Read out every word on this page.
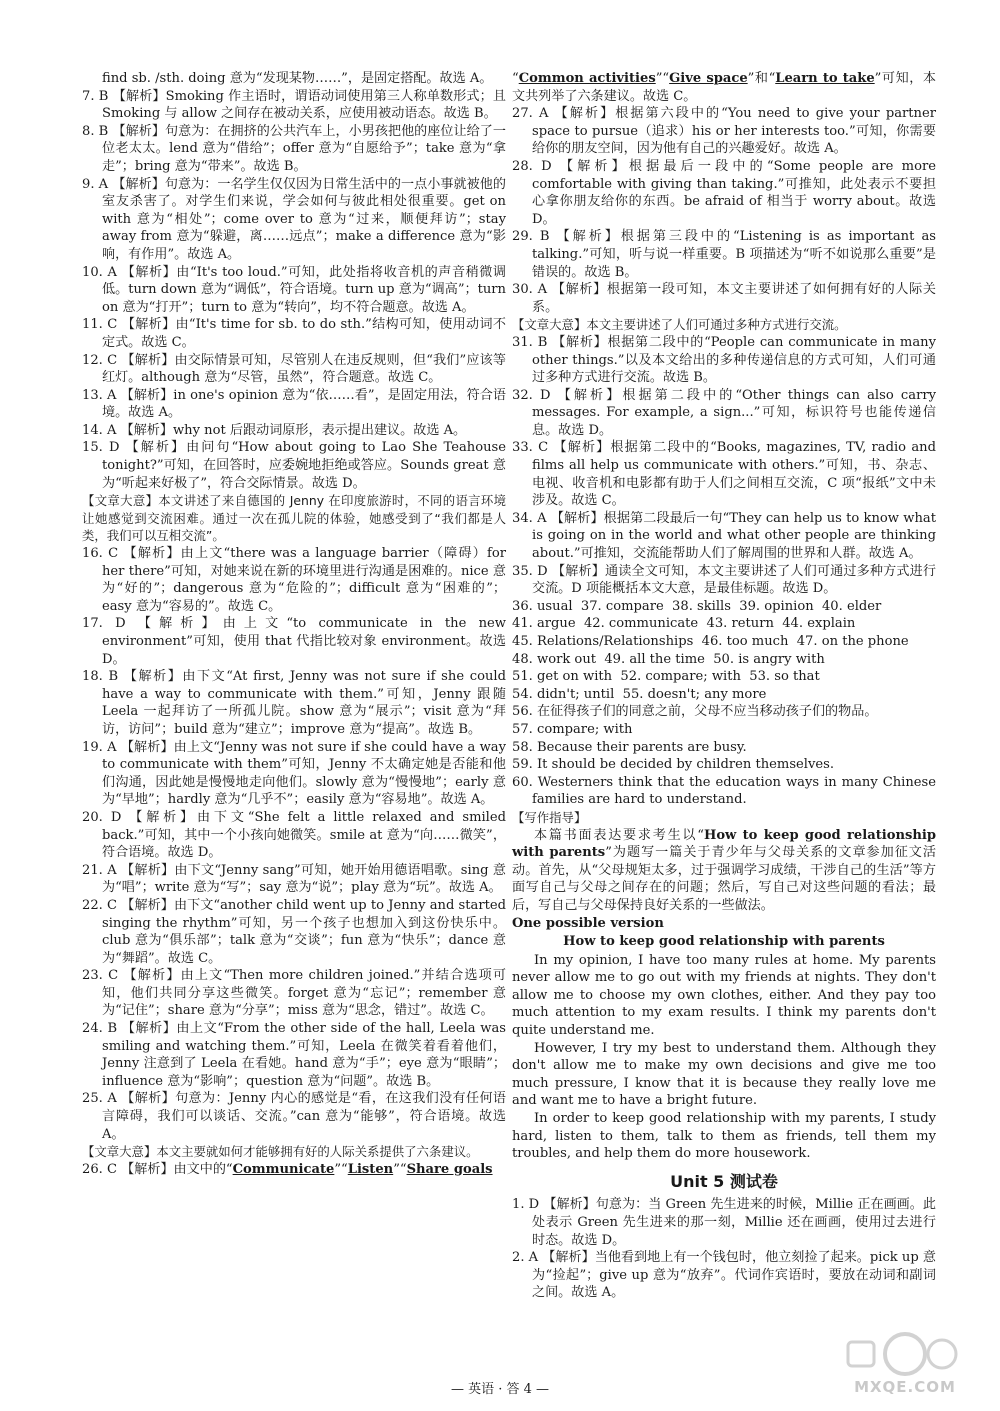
find sb. /sth. doing 意为“发现某物……”，是固定搭配。故选 A。

7. B 【解析】Smoking 作主语时，谓语动词使用第三人称单数形式；且 Smoking 与 allow 之间存在被动关系，应使用被动语态。故选 B。

8. B 【解析】句意为：在拥挤的公共汽车上，小男孩把他的座位让给了一位老太太。lend 意为“借给”；offer 意为“自愿给予”；take 意为“拿走”；bring 意为“带来”。故选 B。

9. A 【解析】句意为：一名学生仅仅因为日常生活中的一点小事就被他的室友杀害了。对学生们来说，学会如何与彼此相处很重要。get on with 意为“相处”；come over to 意为“过来，顺便拜访”；stay away from 意为“躲避，离……远点”；make a difference 意为“影响，有作用”。故选 A。

10. A 【解析】由“It's too loud.”可知，此处指将收音机的声音稍微调低。turn down 意为“调低”，符合语境。turn up 意为“调高”；turn on 意为“打开”；turn to 意为“转向”，均不符合题意。故选 A。

11. C 【解析】由“It's time for sb. to do sth.”结构可知，使用动词不定式。故选 C。

12. C 【解析】由交际情景可知，尽管别人在违反规则，但“我们”应该等红灯。although 意为“尽管，虽然”，符合题意。故选 C。

13. A 【解析】in one's opinion 意为“依……看”，是固定用法，符合语境。故选 A。

14. A 【解析】why not 后跟动词原形，表示提出建议。故选 A。

15. D 【解析】由问句“How about going to Lao She Teahouse tonight?”可知，在回答时，应委婉地拒绝或答应。Sounds great 意为“听起来好极了”，符合交际情景。故选 D。

【文章大意】本文讲述了来自德国的 Jenny 在印度旅游时，不同的语言环境让她感觉到交流困难。通过一次在孤儿院的体验，她感受到了“我们都是人类，我们可以互相交流”。

16. C 【解析】由上文“there was a language barrier（障碍）for her there”可知，对她来说在新的环境里进行沟通是困难的。nice 意为“好的”；dangerous 意为“危险的”；difficult 意为“困难的”；easy 意为“容易的”。故选 C。

17. D 【解析】由上文“to communicate in the new environment”可知，使用 that 代指比较对象 environment。故选 D。

18. B 【解析】由下文“At first, Jenny was not sure if she could have a way to communicate with them.”可知，Jenny 跟随 Leela 一起拜访了一所孤儿院。show 意为“展示”；visit 意为“拜访，访问”；build 意为“建立”；improve 意为“提高”。故选 B。

19. A 【解析】由上文“Jenny was not sure if she could have a way to communicate with them”可知，Jenny 不太确定她是否能和他们沟通，因此她是慢慢地走向他们。slowly 意为“慢慢地”；early 意为“早地”；hardly 意为“几乎不”；easily 意为“容易地”。故选 A。

20. D 【解析】由下文“She felt a little relaxed and smiled back.”可知，其中一个小孩向她微笑。smile at 意为“向……微笑”，符合语境。故选 D。

21. A 【解析】由下文“Jenny sang”可知，她开始用德语唱歌。sing 意为“唱”；write 意为“写”；say 意为“说”；play 意为“玩”。故选 A。

22. C 【解析】由下文“another child went up to Jenny and started singing the rhythm”可知，另一个孩子也想加入到这份快乐中。club 意为“俱乐部”；talk 意为“交谈”；fun 意为“快乐”；dance 意为“舞蹈”。故选 C。

23. C 【解析】由上文“Then more children joined.”并结合选项可知，他们共同分享这些微笑。forget 意为“忘记”；remember 意为“记住”；share 意为“分享”；miss 意为“思念，错过”。故选 C。

24. B 【解析】由上文“From the other side of the hall, Leela was smiling and watching them.”可知，Leela 在微笑着看着他们，Jenny 注意到了 Leela 在看她。hand 意为“手”；eye 意为“眼睛”；influence 意为“影响”；question 意为“问题”。故选 B。

25. A 【解析】句意为：Jenny 内心的感觉是“看，在这我们没有任何语言障碍，我们可以谈话、交流。”can 意为“能够”，符合语境。故选 A。

【文章大意】本文主要就如何才能够拥有好的人际关系提供了六条建议。

26. C 【解析】由文中的“Communicate”“Listen”“Share goals

“Common activities”“Give space”和“Learn to take”可知，本文共列举了六条建议。故选 C。

27. A 【解析】根据第六段中的“You need to give your partner space to pursue（追求）his or her interests too.”可知，你需要给你的朋友空间，因为他有自己的兴趣爱好。故选 A。

28. D 【解析】根据最后一段中的“Some people are more comfortable with giving than taking.”可推知，此处表示不要担心拿你朋友给你的东西。be afraid of 相当于 worry about。故选 D。

29. B 【解析】根据第三段中的“Listening is as important as talking.”可知，听与说一样重要。B 项描述为“听不如说那么重要”是错误的。故选 B。

30. A 【解析】根据第一段可知，本文主要讲述了如何拥有好的人际关系。

【文章大意】本文主要讲述了人们可通过多种方式进行交流。

31. B 【解析】根据第二段中的“People can communicate in many other things.”以及本文给出的多种传递信息的方式可知，人们可通过多种方式进行交流。故选 B。

32. D 【解析】根据第二段中的“Other things can also carry messages. For example, a sign...”可知，标识符号也能传递信息。故选 D。

33. C 【解析】根据第二段中的“Books, magazines, TV, radio and films all help us communicate with others.”可知，书、杂志、电视、收音机和电影都有助于人们之间相互交流，C 项“报纸”文中未涉及。故选 C。

34. A 【解析】根据第二段最后一句“They can help us to know what is going on in the world and what other people are thinking about.”可推知，交流能帮助人们了解周围的世界和人群。故选 A。

35. D 【解析】通读全文可知，本文主要讲述了人们可通过多种方式进行交流。D 项能概括本文大意，是最佳标题。故选 D。

36. usual  37. compare  38. skills  39. opinion  40. elder

41. argue  42. communicate  43. return  44. explain

45. Relations/Relationships  46. too much  47. on the phone

48. work out  49. all the time  50. is angry with

51. get on with  52. compare; with  53. so that

54. didn't; until  55. doesn't; any more

56. 在征得孩子们的同意之前，父母不应当移动孩子们的物品。

57. compare; with

58. Because their parents are busy.

59. It should be decided by children themselves.

60. Westerners think that the education ways in many Chinese families are hard to understand.

【写作指导】

本篇书面表达要求考生以“How to keep good relationship with parents”为题写一篇关于青少年与父母关系的文章参加征文活动。首先，从“父母规矩太多，过于强调学习成绩，干涉自己的生活”等方面写自己与父母之间存在的问题；然后，写自己对这些问题的看法；最后，写自己与父母保持良好关系的一些做法。

One possible version

How to keep good relationship with parents

In my opinion, I have too many rules at home. My parents never allow me to go out with my friends at nights. They don't allow me to choose my own clothes, either. And they pay too much attention to my exam results. I think my parents don't quite understand me.

However, I try my best to understand them. Although they don't allow me to make my own decisions and give me too much pressure, I know that it is because they really love me and want me to have a bright future.

In order to keep good relationship with my parents, I study hard, listen to them, talk to them as friends, tell them my troubles, and help them do more housework.

Unit 5 测试卷

1. D 【解析】句意为：当 Green 先生进来的时候，Millie 正在画画。此处表示 Green 先生进来的那一刻，Millie 还在画画，使用过去进行时态。故选 D。

2. A 【解析】当他看到地上有一个钱包时，他立刻捡了起来。pick up 意为“捡起”；give up 意为“放弃”。代词作宾语时，要放在动词和副词之间。故选 A。

— 英语 · 答 4 —	MXQE.COM
